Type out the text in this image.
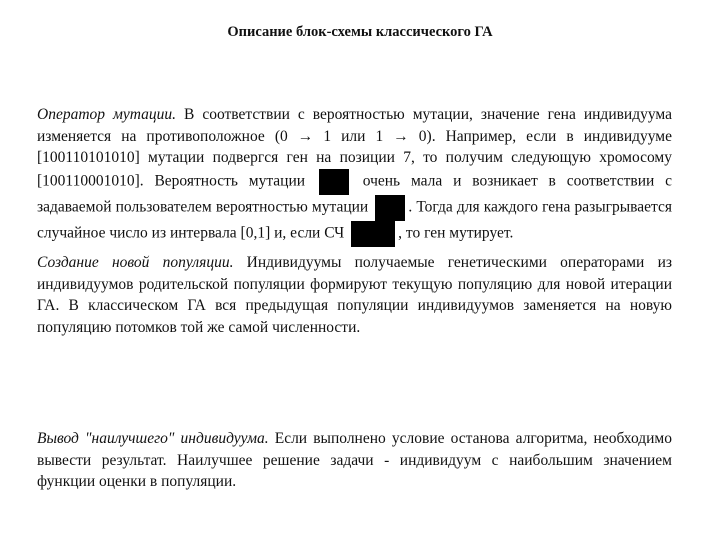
Описание блок-схемы классического ГА
Оператор мутации. В соответствии с вероятностью мутации, значение гена индивидуума изменяется на противоположное (0 → 1 или 1 → 0). Например, если в индивидууме [100110101010] мутации подвергся ген на позиции 7, то получим следующую хромосому [100110001010]. Вероятность мутации  очень мала и возникает в соответствии с задаваемой пользователем вероятностью мутации . Тогда для каждого гена разыгрывается случайное число из интервала [0,1] и, если СЧ	, то ген мутирует.
Создание новой популяции. Индивидуумы получаемые генетическими операторами из индивидуумов родительской популяции формируют текущую популяцию для новой итерации ГА. В классическом ГА вся предыдущая популяции индивидуумов заменяется на новую популяцию потомков той же самой численности.
Вывод "наилучшего" индивидуума. Если выполнено условие останова алгоритма, необходимо вывести результат. Наилучшее решение задачи - индивидуум с наибольшим значением функции оценки в популяции.
